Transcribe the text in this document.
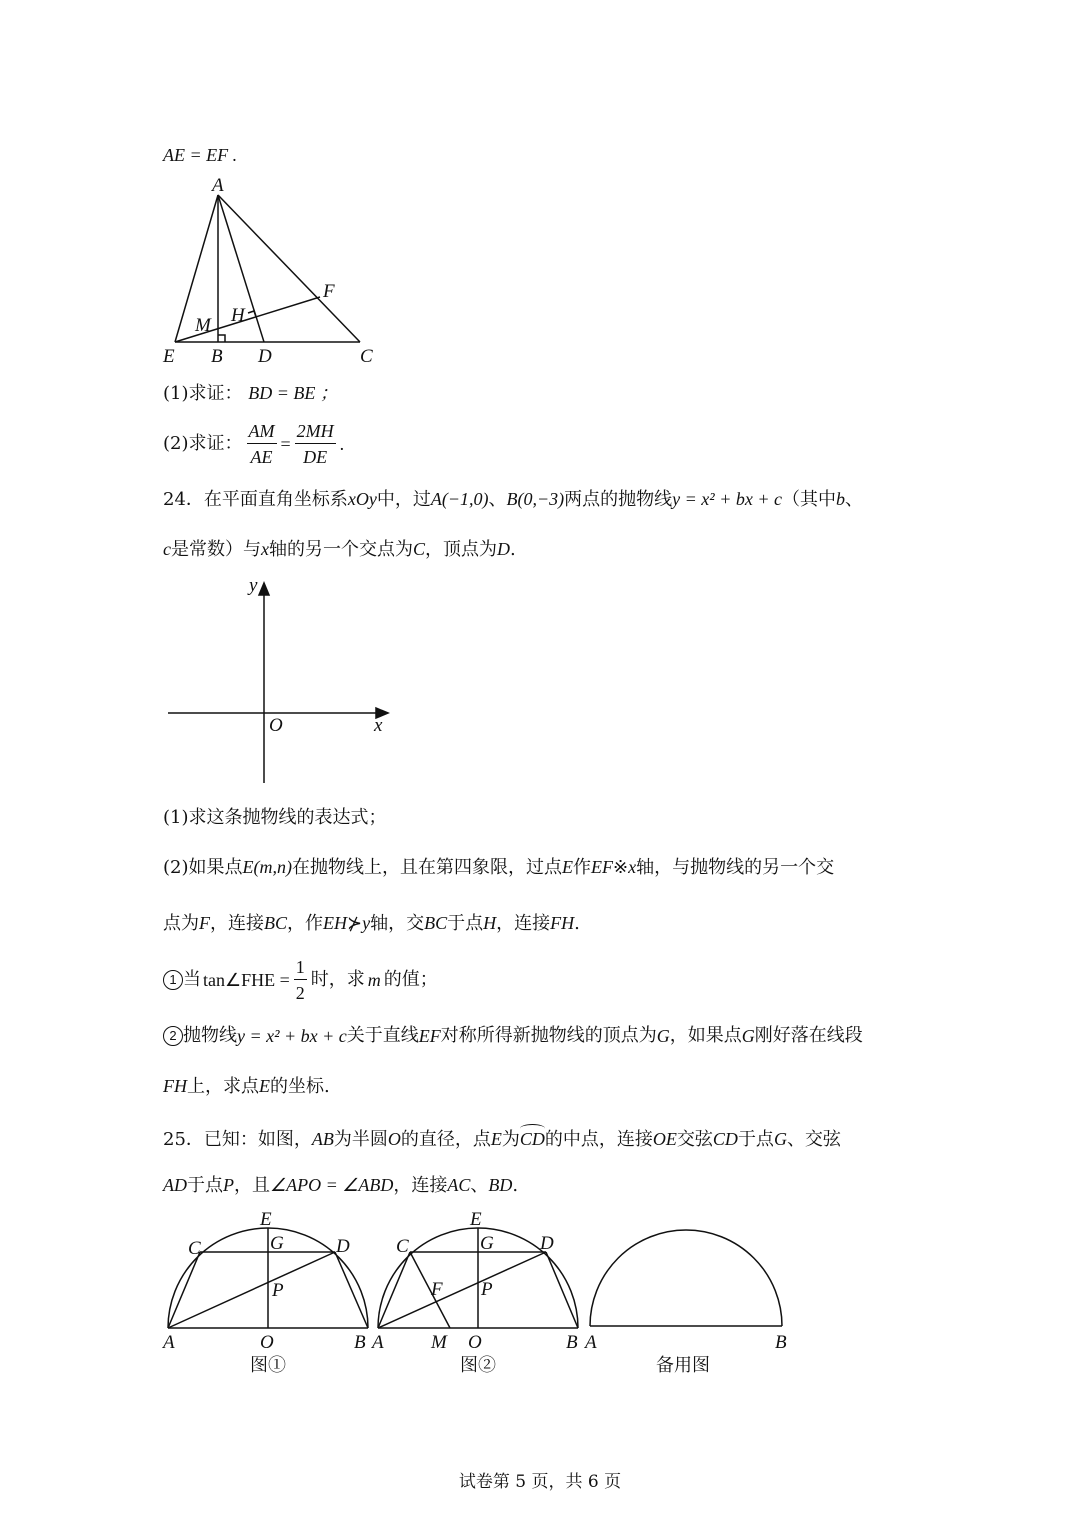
AE = EF .
A
F
H
M
E B D	C
(1)求证： BD = BE ；
(2)求证： $\frac{AM}{AE} = \frac{2MH}{DE}$ .
24．在平面直角坐标系xOy中，过A(−1,0)、B(0,−3)两点的抛物线y = x² + bx + c（其中b、
c是常数）与x轴的另一个交点为C，顶点为D.
y
x
O
(1)求这条抛物线的表达式；
(2)如果点E(m,n)在抛物线上，且在第四象限，过点E作EF※x轴，与抛物线的另一个交
点为F，连接BC，作EH⊁y轴，交BC于点H，连接FH.
1 当 tan∠FHE = $\frac{1}{2}$ 时，求 m 的值；
2 抛物线 y = x² + bx + c 关于直线 EF 对称所得新抛物线的顶点为 G ，如果点 G 刚好落在线段
FH上，求点E的坐标.
25．已知：如图，AB为半圆O的直径，点E为CD的中点，连接OE交弦CD于点G、交弦
AD于点P，且∠APO = ∠ABD，连接AC、BD.
E
C	G	D
P
A	O	B
图①
E
C	G D
F P
A M O	B
图②
A	B
备用图
试卷第 5 页，共 6 页
